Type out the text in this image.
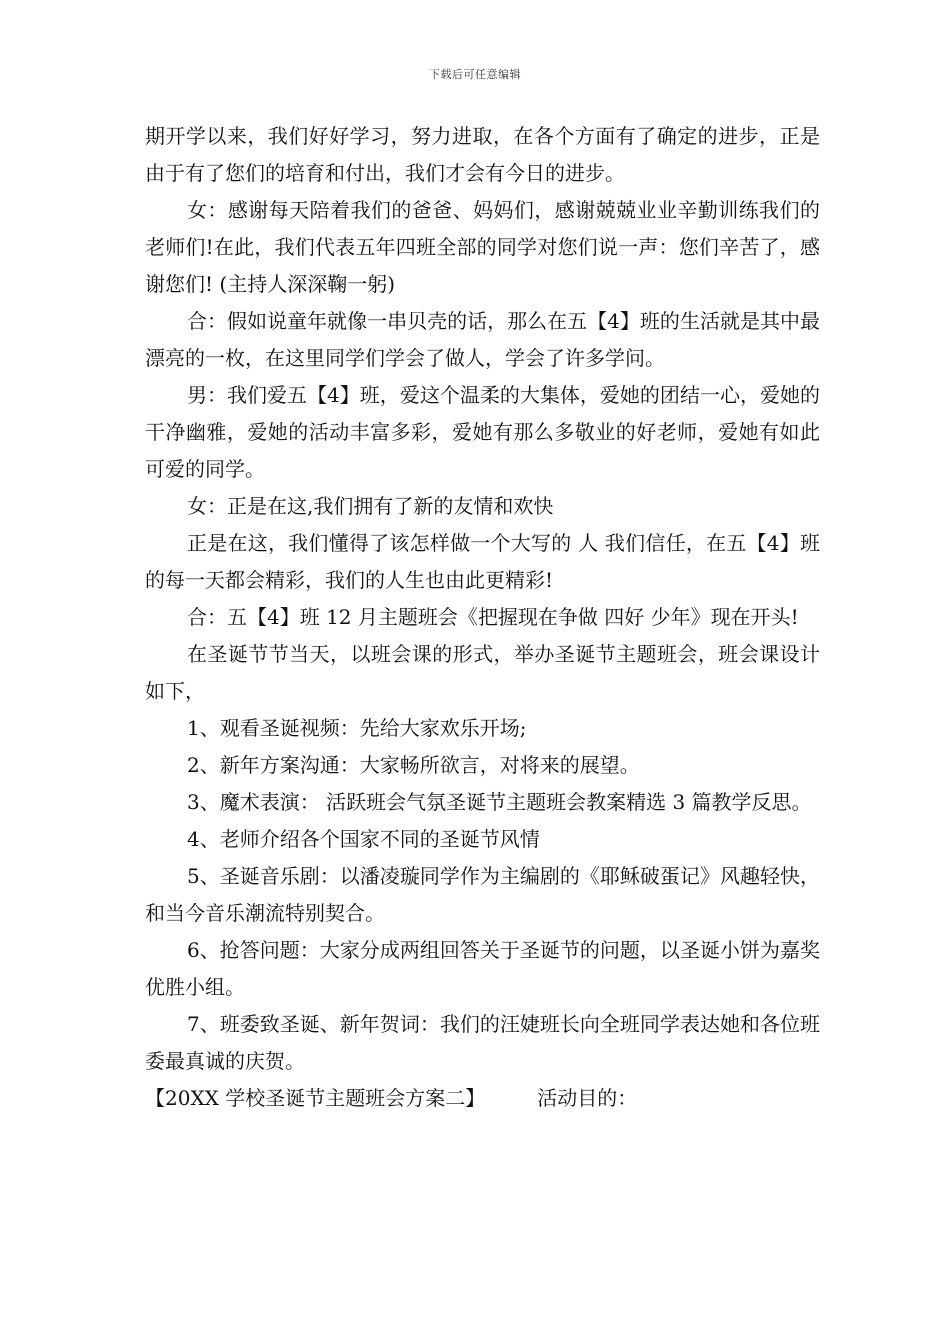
下载后可任意编辑

期开学以来，我们好好学习，努力进取，在各个方面有了确定的进步，正是由于有了您们的培育和付出，我们才会有今日的进步。

女：感谢每天陪着我们的爸爸、妈妈们，感谢兢兢业业辛勤训练我们的老师们!在此，我们代表五年四班全部的同学对您们说一声：您们辛苦了，感谢您们! (主持人深深鞠一躬)

合：假如说童年就像一串贝壳的话，那么在五【4】班的生活就是其中最漂亮的一枚，在这里同学们学会了做人，学会了许多学问。

男：我们爱五【4】班，爱这个温柔的大集体，爱她的团结一心，爱她的干净幽雅，爱她的活动丰富多彩，爱她有那么多敬业的好老师，爱她有如此可爱的同学。

女：正是在这,我们拥有了新的友情和欢快

正是在这，我们懂得了该怎样做一个大写的 人 我们信任，在五【4】班的每一天都会精彩，我们的人生也由此更精彩!

合：五【4】班 12 月主题班会《把握现在争做 四好 少年》现在开头!

在圣诞节节当天，以班会课的形式，举办圣诞节主题班会，班会课设计如下，

1、观看圣诞视频：先给大家欢乐开场;

2、新年方案沟通：大家畅所欲言，对将来的展望。

3、魔术表演： 活跃班会气氛圣诞节主题班会教案精选 3 篇教学反思。

4、老师介绍各个国家不同的圣诞节风情

5、圣诞音乐剧：以潘凌璇同学作为主编剧的《耶稣破蛋记》风趣轻快，和当今音乐潮流特别契合。

6、抢答问题：大家分成两组回答关于圣诞节的问题，以圣诞小饼为嘉奖优胜小组。

7、班委致圣诞、新年贺词：我们的汪婕班长向全班同学表达她和各位班委最真诚的庆贺。

【20XX 学校圣诞节主题班会方案二】	活动目的：
